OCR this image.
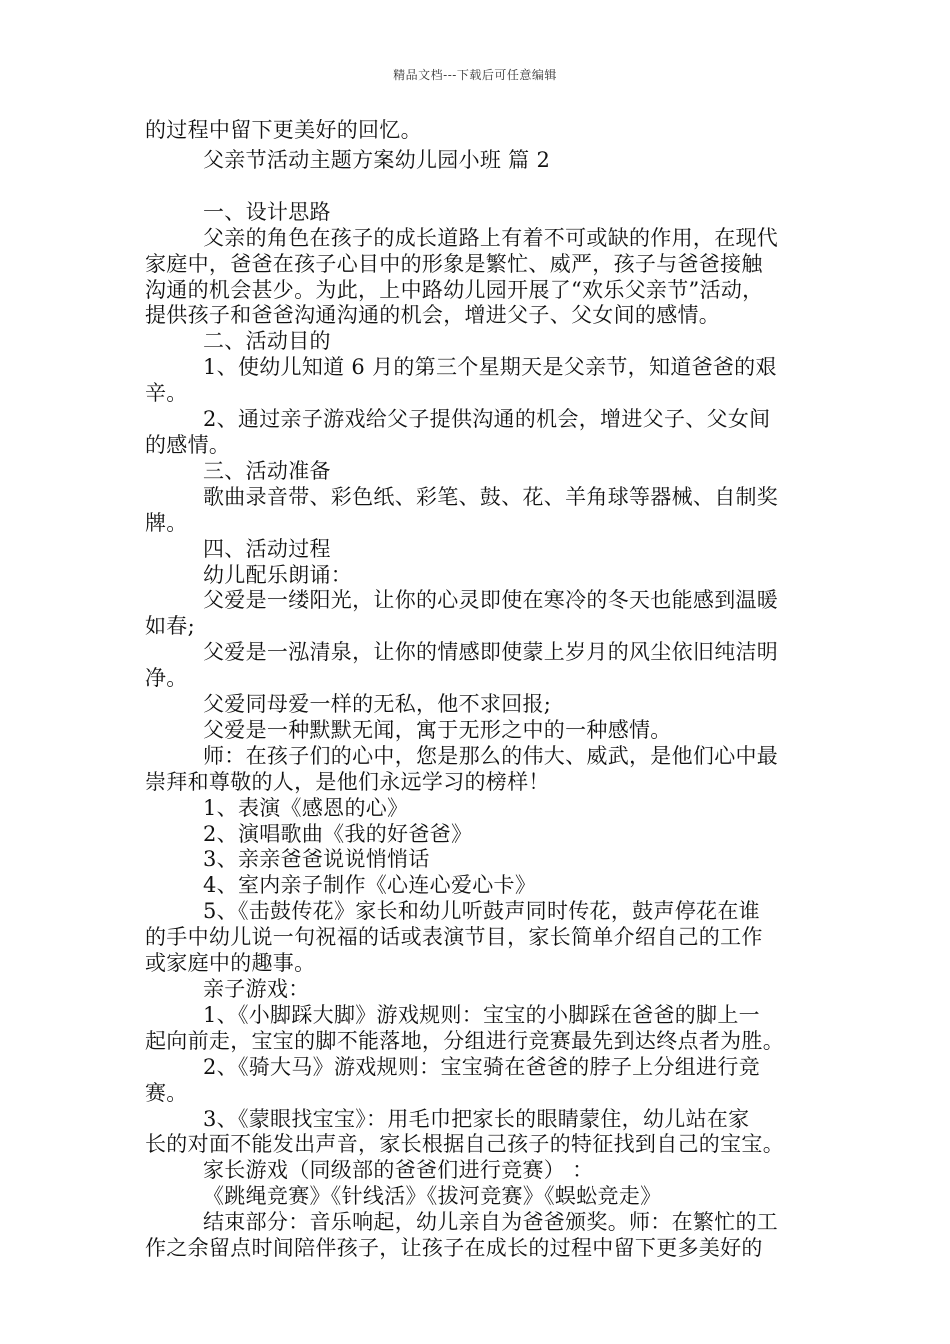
精品文档---下载后可任意编辑
的过程中留下更美好的回忆。
父亲节活动主题方案幼儿园小班 篇 2
一、设计思路
父亲的角色在孩子的成长道路上有着不可或缺的作用，在现代
家庭中，爸爸在孩子心目中的形象是繁忙、威严，孩子与爸爸接触
沟通的机会甚少。为此，上中路幼儿园开展了“欢乐父亲节”活动，
提供孩子和爸爸沟通沟通的机会，增进父子、父女间的感情。
二、活动目的
1、使幼儿知道 6 月的第三个星期天是父亲节，知道爸爸的艰
辛。
2、通过亲子游戏给父子提供沟通的机会，增进父子、父女间
的感情。
三、活动准备
歌曲录音带、彩色纸、彩笔、鼓、花、羊角球等器械、自制奖
牌。
四、活动过程
幼儿配乐朗诵：
父爱是一缕阳光，让你的心灵即使在寒冷的冬天也能感到温暖
如春;
父爱是一泓清泉，让你的情感即使蒙上岁月的风尘依旧纯洁明
净。
父爱同母爱一样的无私，他不求回报;
父爱是一种默默无闻，寓于无形之中的一种感情。
师：在孩子们的心中，您是那么的伟大、威武，是他们心中最
崇拜和尊敬的人，是他们永远学习的榜样！
1、表演《感恩的心》
2、演唱歌曲《我的好爸爸》
3、亲亲爸爸说说悄悄话
4、室内亲子制作《心连心爱心卡》
5、《击鼓传花》家长和幼儿听鼓声同时传花，鼓声停花在谁
的手中幼儿说一句祝福的话或表演节目，家长简单介绍自己的工作
或家庭中的趣事。
亲子游戏：
1、《小脚踩大脚》游戏规则：宝宝的小脚踩在爸爸的脚上一
起向前走，宝宝的脚不能落地，分组进行竞赛最先到达终点者为胜。
2、《骑大马》游戏规则：宝宝骑在爸爸的脖子上分组进行竞
赛。
3、《蒙眼找宝宝》：用毛巾把家长的眼睛蒙住，幼儿站在家
长的对面不能发出声音，家长根据自己孩子的特征找到自己的宝宝。
家长游戏（同级部的爸爸们进行竞赛） ：
《跳绳竞赛》《针线活》《拔河竞赛》《蜈蚣竞走》
结束部分：音乐响起，幼儿亲自为爸爸颁奖。师：在繁忙的工
作之余留点时间陪伴孩子，让孩子在成长的过程中留下更多美好的
